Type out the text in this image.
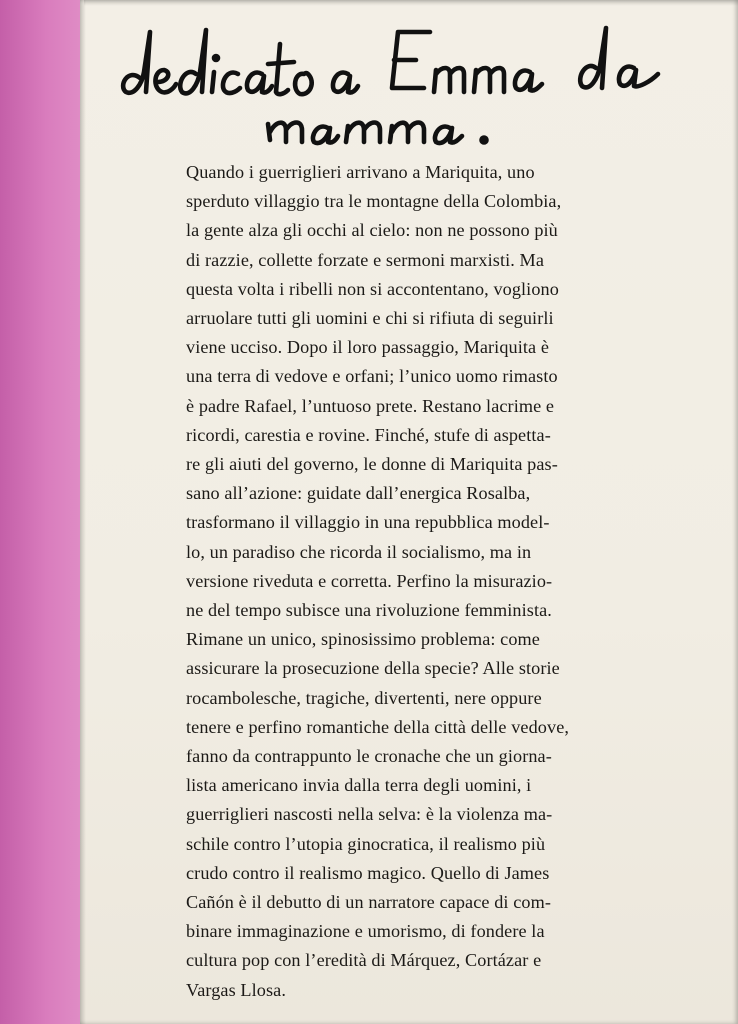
Quando i guerriglieri arrivano a Mariquita, uno
sperduto villaggio tra le montagne della Colombia,
la gente alza gli occhi al cielo: non ne possono più
di razzie, collette forzate e sermoni marxisti. Ma
questa volta i ribelli non si accontentano, vogliono
arruolare tutti gli uomini e chi si rifiuta di seguirli
viene ucciso. Dopo il loro passaggio, Mariquita è
una terra di vedove e orfani; l’unico uomo rimasto
è padre Rafael, l’untuoso prete. Restano lacrime e
ricordi, carestia e rovine. Finché, stufe di aspetta-
re gli aiuti del governo, le donne di Mariquita pas-
sano all’azione: guidate dall’energica Rosalba,
trasformano il villaggio in una repubblica model-
lo, un paradiso che ricorda il socialismo, ma in
versione riveduta e corretta. Perfino la misurazio-
ne del tempo subisce una rivoluzione femminista.
Rimane un unico, spinosissimo problema: come
assicurare la prosecuzione della specie? Alle storie
rocambolesche, tragiche, divertenti, nere oppure
tenere e perfino romantiche della città delle vedove,
fanno da contrappunto le cronache che un giorna-
lista americano invia dalla terra degli uomini, i
guerriglieri nascosti nella selva: è la violenza ma-
schile contro l’utopia ginocratica, il realismo più
crudo contro il realismo magico. Quello di James
Cañón è il debutto di un narratore capace di com-
binare immaginazione e umorismo, di fondere la
cultura pop con l’eredità di Márquez, Cortázar e
Vargas Llosa.
